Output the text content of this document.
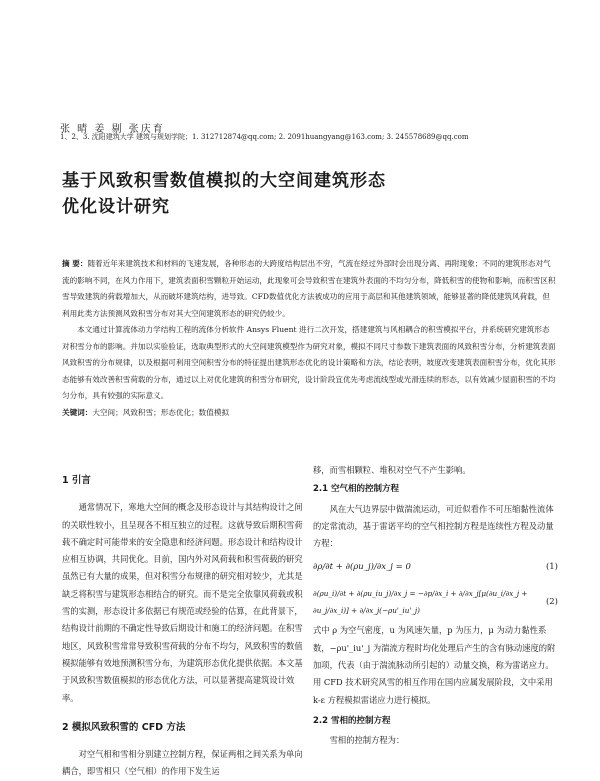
张 晴 姜 剔 张庆育
1、2、3. 沈阳建筑大学 建筑与规划学院；1. 312712874@qq.com; 2. 2091huangyang@163.com; 3. 245578689@qq.com
基于风致积雪数值模拟的大空间建筑形态
优化设计研究

摘 要：随着近年来建筑技术和材料的飞速发展，各种形态的大跨度结构层出不穷，气流在经过外部时会出现分离、再附现象；不同的建筑形态对气流的影响不同，在风力作用下，建筑表面积雪颗粒开始运动，此现象可会导致积雪在建筑外表面的不均匀分布，降低积雪的使物和影响，而积雪区积雪导致建筑的荷载增加大，从而破坏建筑结构，进导致。CFD数值优化方法被成功的应用于高层和其他建筑领域，能够显著的降低建筑风荷载，但利用此类方法预测风致积雪分布对其大空间建筑形态的研究仍较少。

本文通过计算流体动力学结构工程的流体分析软件 Ansys Fluent 进行二次开发，搭建建筑与风相耦合的积雪模拟平台，并系统研究建筑形态对积雪分布的影响。并加以实验验证，选取典型形式的大空间建筑模型作为研究对象，模拟不同尺寸参数下建筑表面的风致积雪分布，分析建筑表面风致积雪的分布规律，以及根据可利用空间积雪分布的特征提出建筑形态优化的设计策略和方法，结论表明，坡度改变建筑表面积雪分布，优化其形态能够有效改善积雪荷载的分布，通过以上对优化建筑的积雪分布研究，设计阶段宜优先考虑流线型或光滑连续的形态，以有效减少屋面积雪的不均匀分布，具有较强的实际意义。

关键词：大空间；风致积雪；形态优化；数值模拟

1 引言

通常情况下，寒地大空间的概念及形态设计与其结构设计之间的关联性较小，且呈现各不相互独立的过程。这就导致后期积雪荷载不确定时可能带来的安全隐患和经济问题。形态设计和结构设计应相互协调，共同优化。目前，国内外对风荷载和积雪荷载的研究虽然已有大量的成果，但对积雪分布规律的研究相对较少，尤其是缺乏将积雪与建筑形态相结合的研究。而不是完全依靠风荷载或积雪的实测，形态设计多依据已有规范或经验的估算，在此背景下，结构设计前期的不确定性导致后期设计和施工的经济问题。在积雪地区，风致积雪常常导致积雪荷载的分布不均匀，风致积雪的数值模拟能够有效地预测积雪分布，为建筑形态优化提供依据。本文基于风致积雪数值模拟的形态优化方法，可以显著提高建筑设计效率。

2 模拟风致积雪的 CFD 方法

对空气相和雪相分别建立控制方程，保证两相之间关系为单向耦合，即雪相只（空气相）的作用下发生运

移，而雪相颗粒、堆积对空气不产生影响。

2.1 空气相的控制方程

风在大气边界层中做湍流运动，可近似看作不可压缩黏性流体的定常流动，基于雷诺平均的空气相控制方程是连续性方程及动量方程：

∂ρ/∂t + ∂(ρu_j)/∂x_j = 0	(1)
∂(ρu_i)/∂t + ∂(ρu_iu_j)/∂x_j = −∂p/∂x_i + ∂/∂x_j[μ(∂u_i/∂x_j + ∂u_j/∂x_i)] + ∂/∂x_j(−ρu'_iu'_j)
(2)

式中 ρ 为空气密度，u 为风速矢量，p 为压力，μ 为动力黏性系数，−ρu'_iu'_j 为湍流方程时均化处理后产生的含有脉动速度的附加项，代表（由于湍流脉动所引起的）动量交换，称为雷诺应力。用 CFD 技术研究风雪的相互作用在国内应属发展阶段，文中采用 k-ε 方程模拟雷诺应力进行模拟。

2.2 雪相的控制方程

雪相的控制方程为：
